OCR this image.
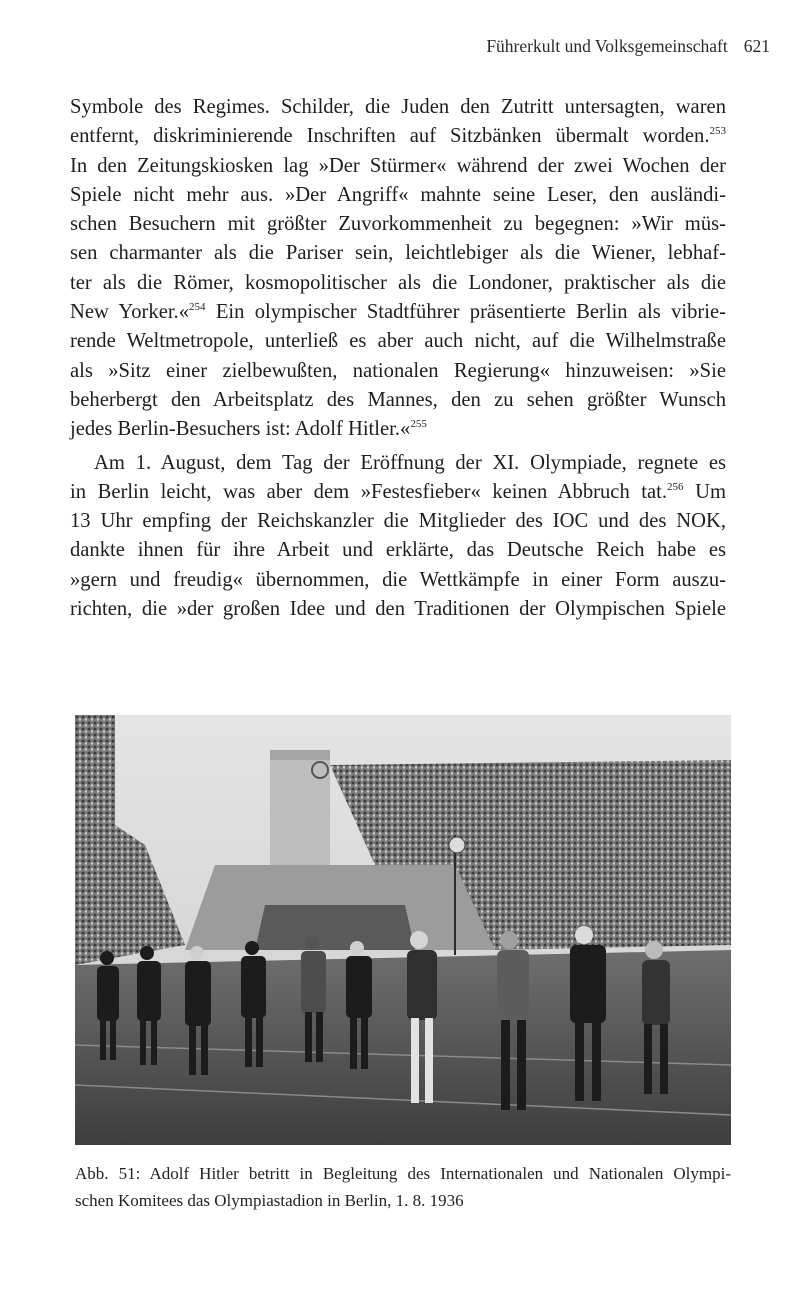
Führerkult und Volksgemeinschaft 621
Symbole des Regimes. Schilder, die Juden den Zutritt untersagten, waren
entfernt, diskriminierende Inschriften auf Sitzbänken übermalt worden.$^{253}$
In den Zeitungskiosken lag »Der Stürmer« während der zwei Wochen der
Spiele nicht mehr aus. »Der Angriff« mahnte seine Leser, den ausländi-
schen Besuchern mit größter Zuvorkommenheit zu begegnen: »Wir müs-
sen charmanter als die Pariser sein, leichtlebiger als die Wiener, lebhaf-
ter als die Römer, kosmopolitischer als die Londoner, praktischer als die
New Yorker.«$^{254}$ Ein olympischer Stadtführer präsentierte Berlin als vibrie-
rende Weltmetropole, unterließ es aber auch nicht, auf die Wilhelmstraße
als »Sitz einer zielbewußten, nationalen Regierung« hinzuweisen: »Sie
beherbergt den Arbeitsplatz des Mannes, den zu sehen größter Wunsch
jedes Berlin-Besuchers ist: Adolf Hitler.«$^{255}$
Am 1. August, dem Tag der Eröffnung der XI. Olympiade, regnete es
in Berlin leicht, was aber dem »Festesfieber« keinen Abbruch tat.$^{256}$ Um
13 Uhr empfing der Reichskanzler die Mitglieder des IOC und des NOK,
dankte ihnen für ihre Arbeit und erklärte, das Deutsche Reich habe es
»gern und freudig« übernommen, die Wettkämpfe in einer Form auszu-
richten, die »der großen Idee und den Traditionen der Olympischen Spiele
Abb. 51: Adolf Hitler betritt in Begleitung des Internationalen und Nationalen Olympi-
schen Komitees das Olympiastadion in Berlin, 1. 8. 1936
